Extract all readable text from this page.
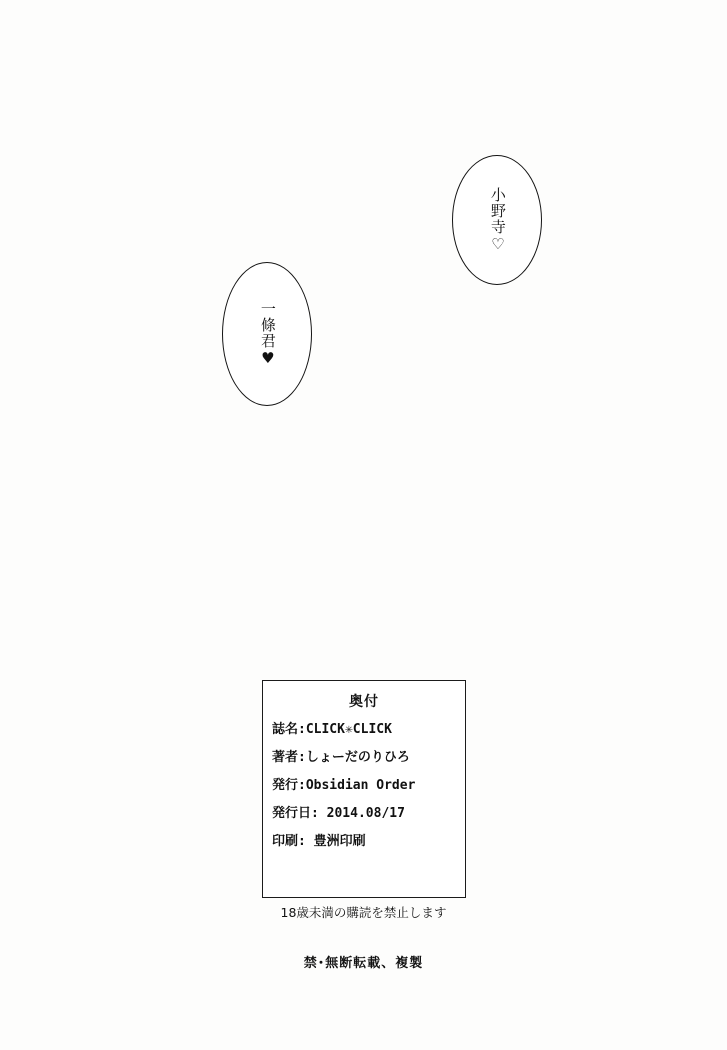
小野寺♡
一條君♥
奥付
誌名:CLICK✳CLICK
著者:しょーだのりひろ
発行:Obsidian Order
発行日: 2014.08/17
印刷: 豊洲印刷
18歳未満の購読を禁止します
禁･無断転載、複製
